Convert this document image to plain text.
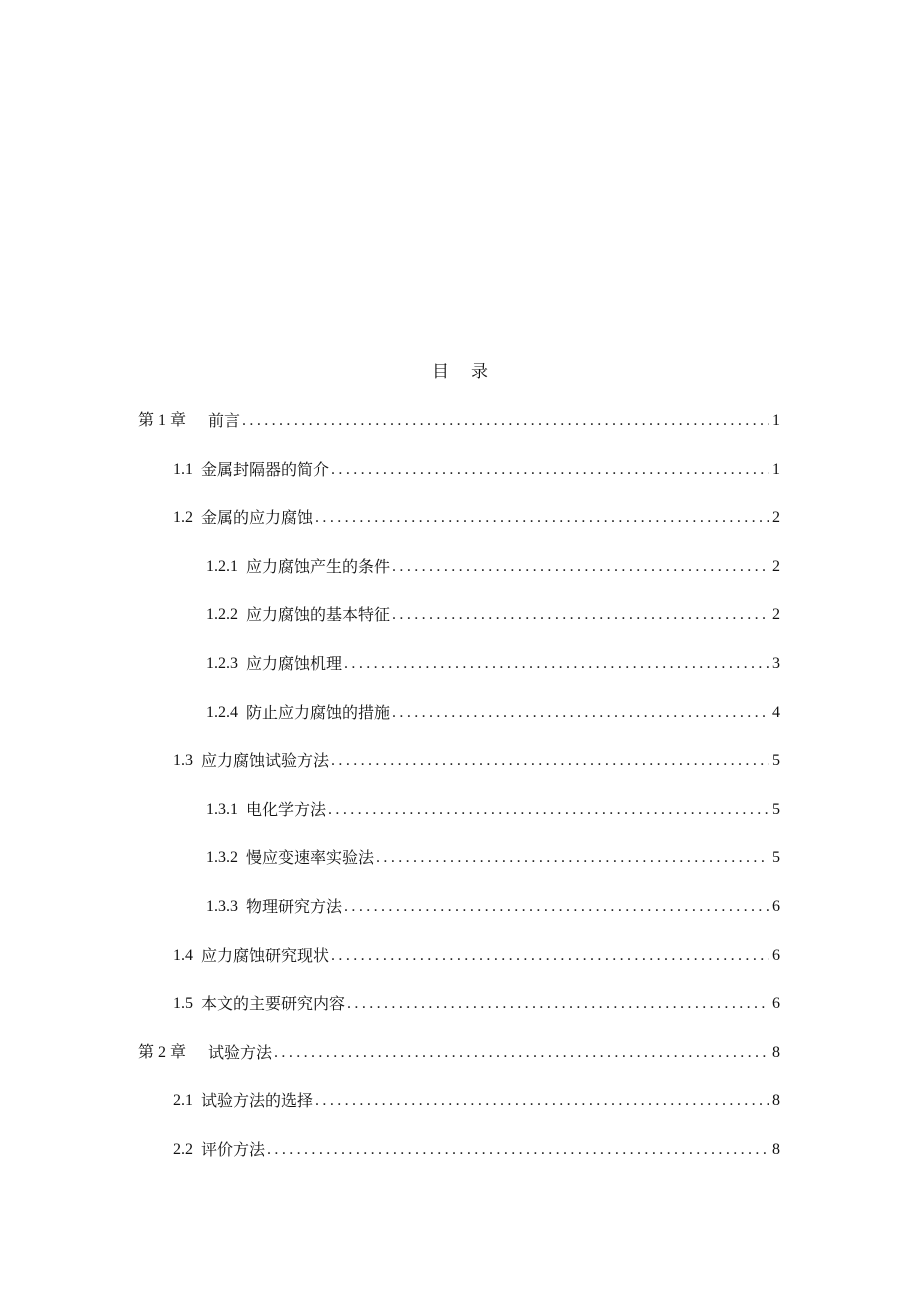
目 录
第 1 章 前言 . . .	1
1.1 金属封隔器的简介 . . .	1
1.2 金属的应力腐蚀 . . .	2
1.2.1 应力腐蚀产生的条件 . . .	2
1.2.2 应力腐蚀的基本特征 . . .	2
1.2.3 应力腐蚀机理 . . .	3
1.2.4 防止应力腐蚀的措施 . . .	4
1.3 应力腐蚀试验方法 . . .	5
1.3.1 电化学方法 . . .	5
1.3.2 慢应变速率实验法 . . .	5
1.3.3 物理研究方法 . . .	6
1.4 应力腐蚀研究现状 . . .	6
1.5 本文的主要研究内容 . . .	6
第 2 章 试验方法 . . .	8
2.1 试验方法的选择 . . .	8
2.2 评价方法 . . .	8
